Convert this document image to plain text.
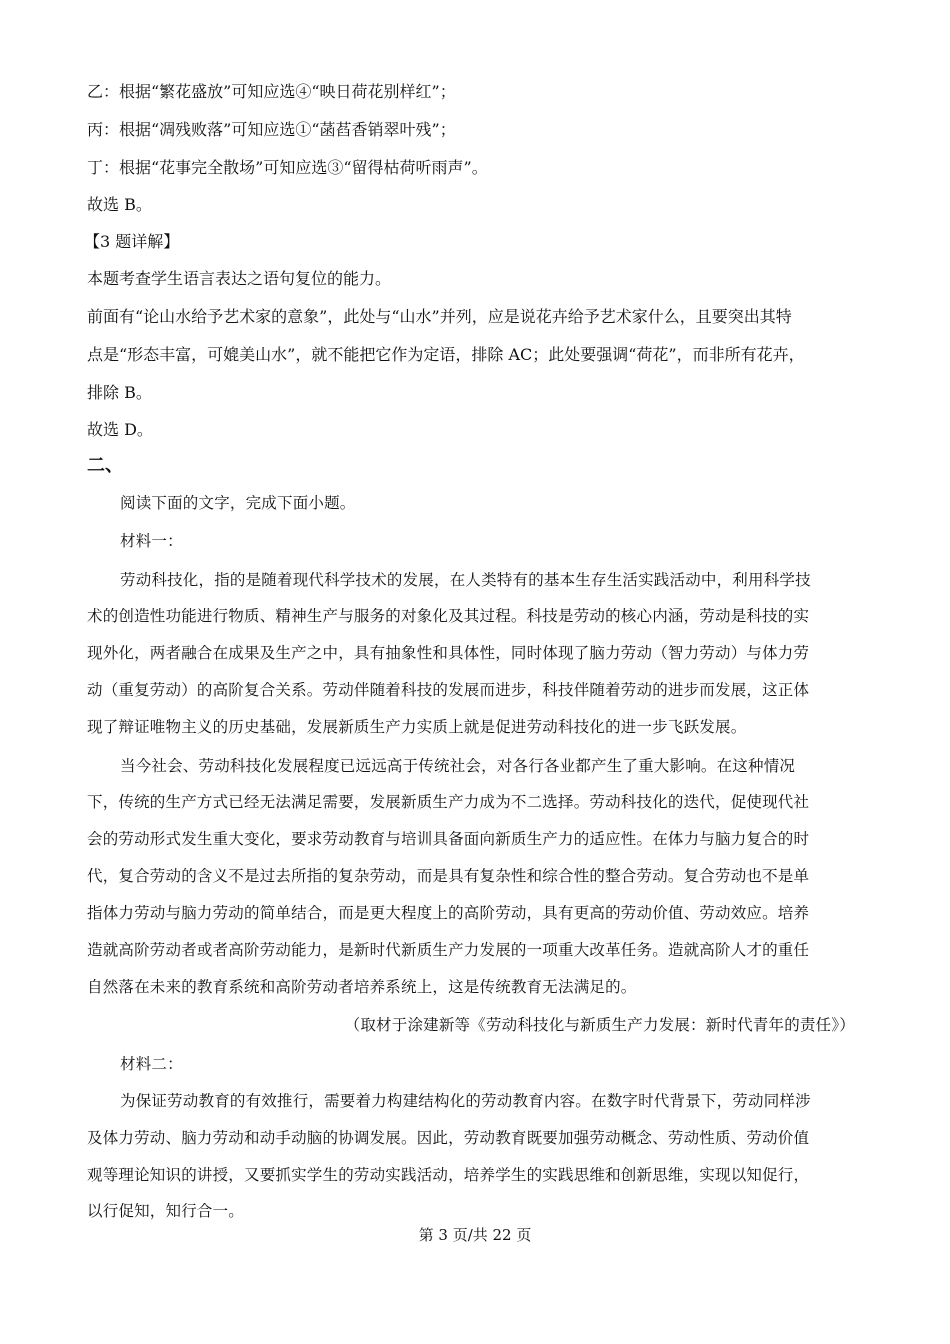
乙：根据“繁花盛放”可知应选④“映日荷花别样红”；
丙：根据“凋残败落”可知应选①“菡萏香销翠叶残”；
丁：根据“花事完全散场”可知应选③“留得枯荷听雨声”。
故选 B。
【3 题详解】
本题考查学生语言表达之语句复位的能力。
前面有“论山水给予艺术家的意象”，此处与“山水”并列，应是说花卉给予艺术家什么，且要突出其特
点是“形态丰富，可媲美山水”，就不能把它作为定语，排除 AC；此处要强调“荷花”，而非所有花卉，
排除 B。
故选 D。
二、
阅读下面的文字，完成下面小题。
材料一：
劳动科技化，指的是随着现代科学技术的发展，在人类特有的基本生存生活实践活动中，利用科学技
术的创造性功能进行物质、精神生产与服务的对象化及其过程。科技是劳动的核心内涵，劳动是科技的实
现外化，两者融合在成果及生产之中，具有抽象性和具体性，同时体现了脑力劳动（智力劳动）与体力劳
动（重复劳动）的高阶复合关系。劳动伴随着科技的发展而进步，科技伴随着劳动的进步而发展，这正体
现了辩证唯物主义的历史基础，发展新质生产力实质上就是促进劳动科技化的进一步飞跃发展。
当今社会、劳动科技化发展程度已远远高于传统社会，对各行各业都产生了重大影响。在这种情况
下，传统的生产方式已经无法满足需要，发展新质生产力成为不二选择。劳动科技化的迭代，促使现代社
会的劳动形式发生重大变化，要求劳动教育与培训具备面向新质生产力的适应性。在体力与脑力复合的时
代，复合劳动的含义不是过去所指的复杂劳动，而是具有复杂性和综合性的整合劳动。复合劳动也不是单
指体力劳动与脑力劳动的简单结合，而是更大程度上的高阶劳动，具有更高的劳动价值、劳动效应。培养
造就高阶劳动者或者高阶劳动能力，是新时代新质生产力发展的一项重大改革任务。造就高阶人才的重任
自然落在未来的教育系统和高阶劳动者培养系统上，这是传统教育无法满足的。
（取材于涂建新等《劳动科技化与新质生产力发展：新时代青年的责任》）
材料二：
为保证劳动教育的有效推行，需要着力构建结构化的劳动教育内容。在数字时代背景下，劳动同样涉
及体力劳动、脑力劳动和动手动脑的协调发展。因此，劳动教育既要加强劳动概念、劳动性质、劳动价值
观等理论知识的讲授，又要抓实学生的劳动实践活动，培养学生的实践思维和创新思维，实现以知促行，
以行促知，知行合一。
第 3 页/共 22 页
